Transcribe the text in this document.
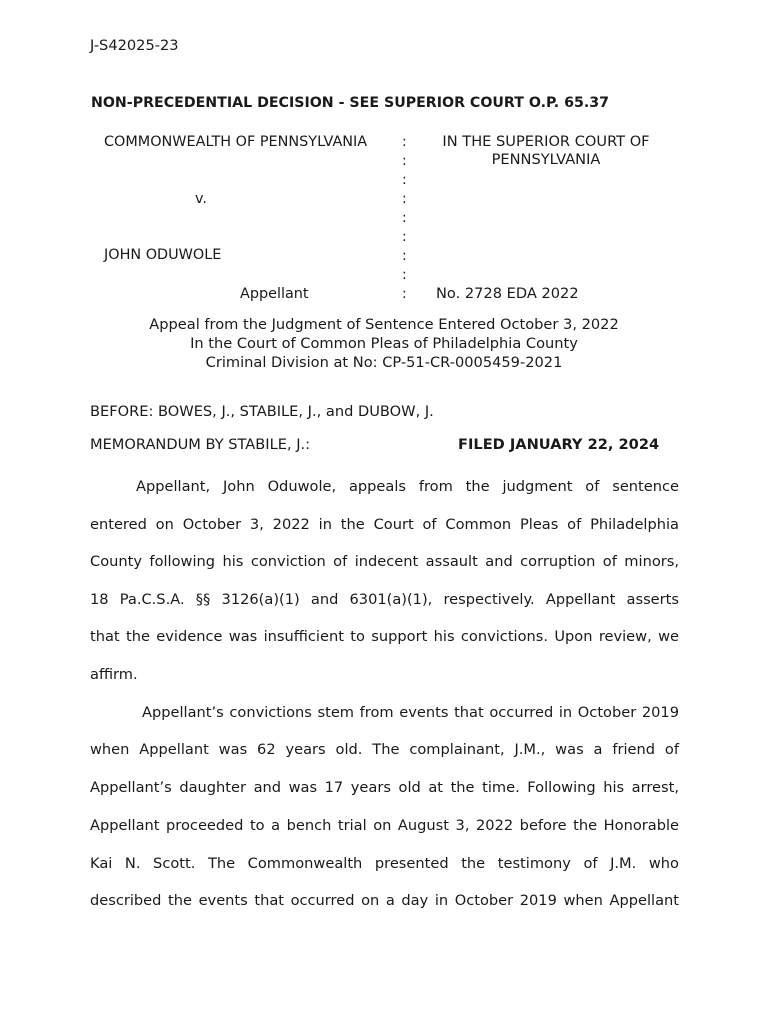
J-S42025-23
NON-PRECEDENTIAL DECISION - SEE SUPERIOR COURT O.P. 65.37
COMMONWEALTH OF PENNSYLVANIA
v.
JOHN ODUWOLE
Appellant
:
:
:
:
:
:
:
:
:
IN THE SUPERIOR COURT OF PENNSYLVANIA
No. 2728 EDA 2022
Appeal from the Judgment of Sentence Entered October 3, 2022
In the Court of Common Pleas of Philadelphia County
Criminal Division at No: CP-51-CR-0005459-2021
BEFORE: BOWES, J., STABILE, J., and DUBOW, J.
MEMORANDUM BY STABILE, J.:	FILED JANUARY 22, 2024
Appellant, John Oduwole, appeals from the judgment of sentence
entered on October 3, 2022 in the Court of Common Pleas of Philadelphia
County following his conviction of indecent assault and corruption of minors,
18 Pa.C.S.A. §§ 3126(a)(1) and 6301(a)(1), respectively. Appellant asserts
that the evidence was insufficient to support his convictions. Upon review, we
affirm.
Appellant’s convictions stem from events that occurred in October 2019
when Appellant was 62 years old. The complainant, J.M., was a friend of
Appellant’s daughter and was 17 years old at the time. Following his arrest,
Appellant proceeded to a bench trial on August 3, 2022 before the Honorable
Kai N. Scott. The Commonwealth presented the testimony of J.M. who
described the events that occurred on a day in October 2019 when Appellant
